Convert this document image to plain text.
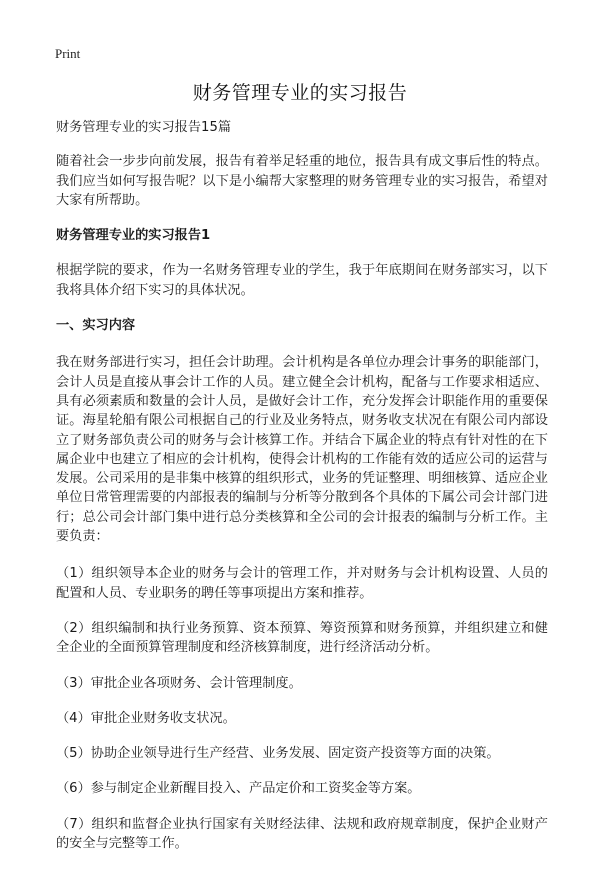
Print

财务管理专业的实习报告

财务管理专业的实习报告15篇

随着社会一步步向前发展，报告有着举足轻重的地位，报告具有成文事后性的特点。我们应当如何写报告呢？以下是小编帮大家整理的财务管理专业的实习报告，希望对大家有所帮助。

财务管理专业的实习报告1

根据学院的要求，作为一名财务管理专业的学生，我于年底期间在财务部实习，以下我将具体介绍下实习的具体状况。

一、实习内容

我在财务部进行实习，担任会计助理。会计机构是各单位办理会计事务的职能部门，会计人员是直接从事会计工作的人员。建立健全会计机构，配备与工作要求相适应、具有必须素质和数量的会计人员，是做好会计工作，充分发挥会计职能作用的重要保证。海星轮船有限公司根据自己的行业及业务特点，财务收支状况在有限公司内部设立了财务部负责公司的财务与会计核算工作。并结合下属企业的特点有针对性的在下属企业中也建立了相应的会计机构，使得会计机构的工作能有效的适应公司的运营与发展。公司采用的是非集中核算的组织形式，业务的凭证整理、明细核算、适应企业单位日常管理需要的内部报表的编制与分析等分散到各个具体的下属公司会计部门进行；总公司会计部门集中进行总分类核算和全公司的会计报表的编制与分析工作。主要负责：

（1）组织领导本企业的财务与会计的管理工作，并对财务与会计机构设置、人员的配置和人员、专业职务的聘任等事项提出方案和推荐。

（2）组织编制和执行业务预算、资本预算、筹资预算和财务预算，并组织建立和健全企业的全面预算管理制度和经济核算制度，进行经济活动分析。

（3）审批企业各项财务、会计管理制度。

（4）审批企业财务收支状况。

（5）协助企业领导进行生产经营、业务发展、固定资产投资等方面的决策。

（6）参与制定企业新醒目投入、产品定价和工资奖金等方案。

（7）组织和监督企业执行国家有关财经法律、法规和政府规章制度，保护企业财产的安全与完整等工作。
